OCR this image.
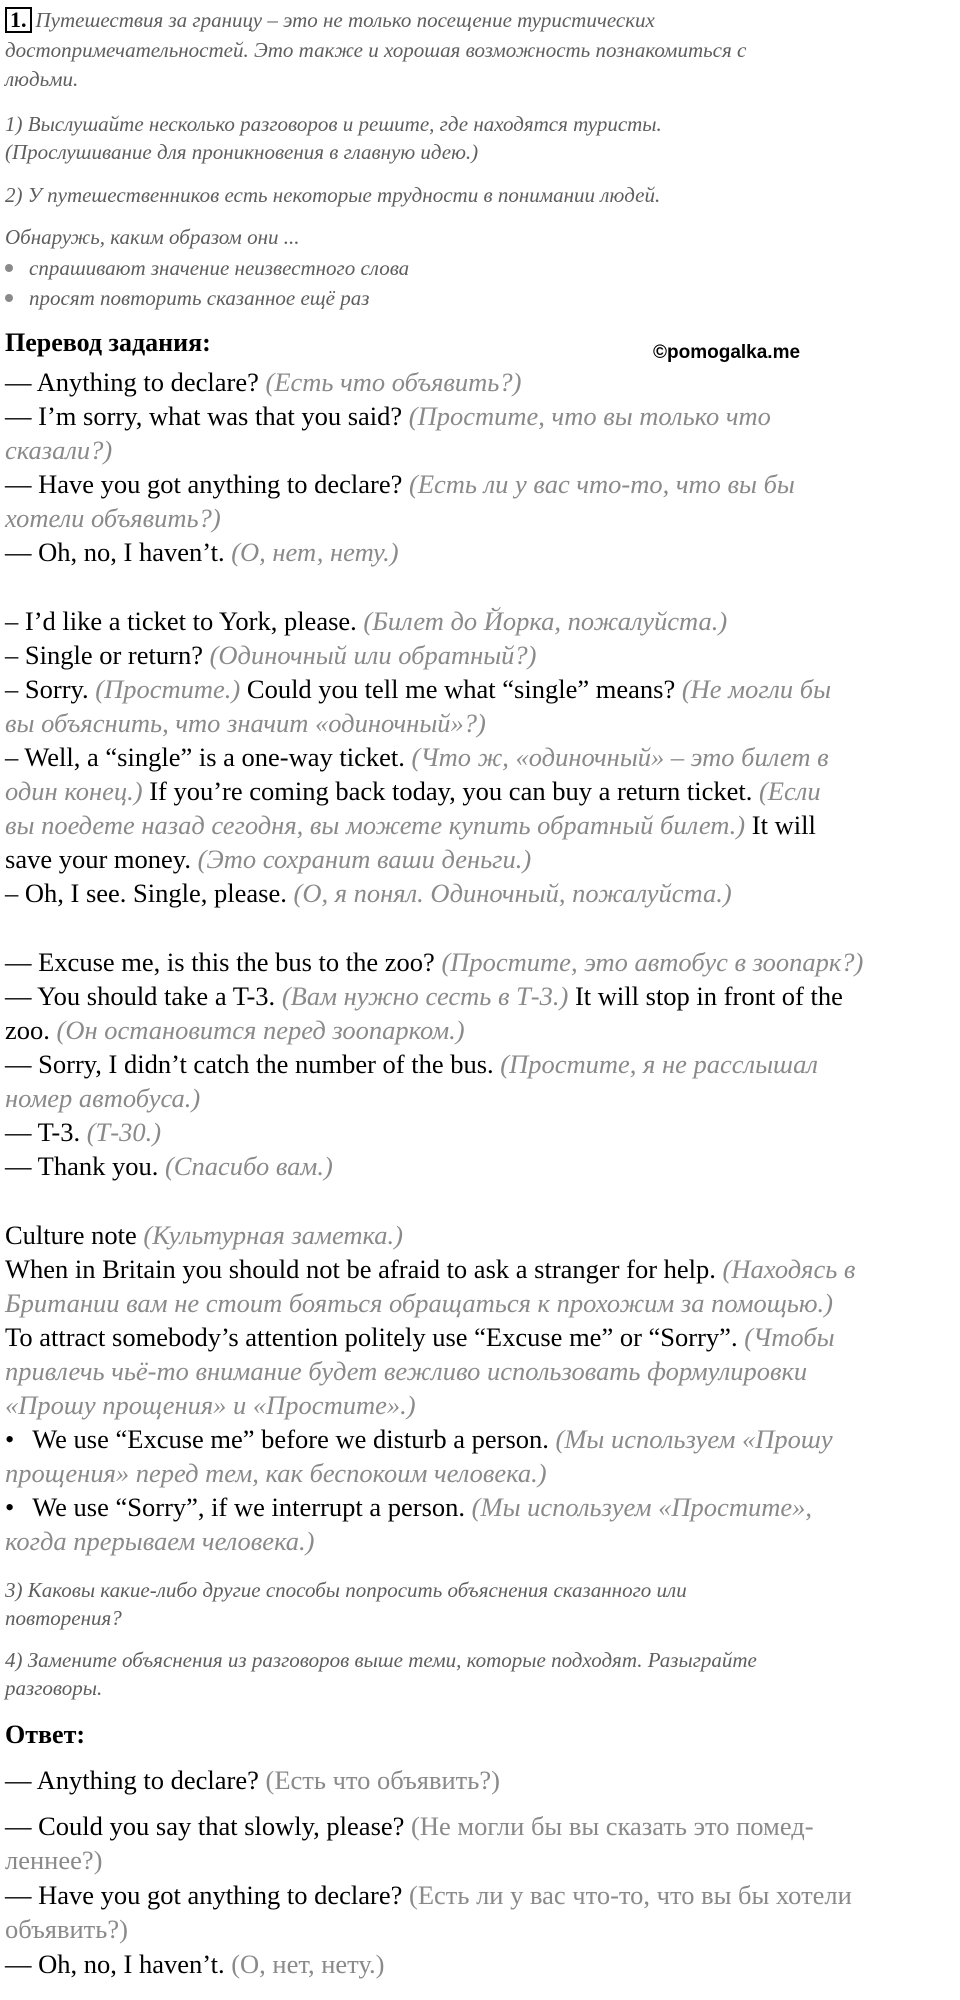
1. Путешествия за границу – это не только посещение туристических
достопримечательностей. Это также и хорошая возможность познакомиться с
людьми.
1) Выслушайте несколько разговоров и решите, где находятся туристы.
(Прослушивание для проникновения в главную идею.)
2) У путешественников есть некоторые трудности в понимании людей.
Обнаружь, каким образом они ...
спрашивают значение неизвестного слова
просят повторить сказанное ещё раз
Перевод задания:	©pomogalka.me
— Anything to declare? (Есть что объявить?)
— I’m sorry, what was that you said? (Простите, что вы только что
сказали?)
— Have you got anything to declare? (Есть ли у вас что-то, что вы бы
хотели объявить?)
— Oh, no, I haven’t. (О, нет, нету.)
– I’d like a ticket to York, please. (Билет до Йорка, пожалуйста.)
– Single or return? (Одиночный или обратный?)
– Sorry. (Простите.) Could you tell me what “single” means? (Не могли бы
вы объяснить, что значит «одиночный»?)
– Well, a “single” is a one-way ticket. (Что ж, «одиночный» – это билет в
один конец.) If you’re coming back today, you can buy a return ticket. (Если
вы поедете назад сегодня, вы можете купить обратный билет.) It will
save your money. (Это сохранит ваши деньги.)
– Oh, I see. Single, please. (О, я понял. Одиночный, пожалуйста.)
— Excuse me, is this the bus to the zoo? (Простите, это автобус в зоопарк?)
— You should take a T-3. (Вам нужно сесть в Т-3.) It will stop in front of the
zoo. (Он остановится перед зоопарком.)
— Sorry, I didn’t catch the number of the bus. (Простите, я не расслышал
номер автобуса.)
— T-3. (Т-30.)
— Thank you. (Спасибо вам.)
Culture note (Культурная заметка.)
When in Britain you should not be afraid to ask a stranger for help. (Находясь в
Британии вам не стоит бояться обращаться к прохожим за помощью.)
To attract somebody’s attention politely use “Excuse me” or “Sorry”. (Чтобы
привлечь чьё-то внимание будет вежливо использовать формулировки
«Прошу прощения» и «Простите».)
• We use “Excuse me” before we disturb a person. (Мы используем «Прошу
прощения» перед тем, как беспокоим человека.)
• We use “Sorry”, if we interrupt a person. (Мы используем «Простите»,
когда прерываем человека.)
3) Каковы какие-либо другие способы попросить объяснения сказанного или
повторения?
4) Замените объяснения из разговоров выше теми, которые подходят. Разыграйте
разговоры.
Ответ:
— Anything to declare? (Есть что объявить?)
— Could you say that slowly, please? (Не могли бы вы сказать это помед-
леннее?)
— Have you got anything to declare? (Есть ли у вас что-то, что вы бы хотели
объявить?)
— Oh, no, I haven’t. (О, нет, нету.)
